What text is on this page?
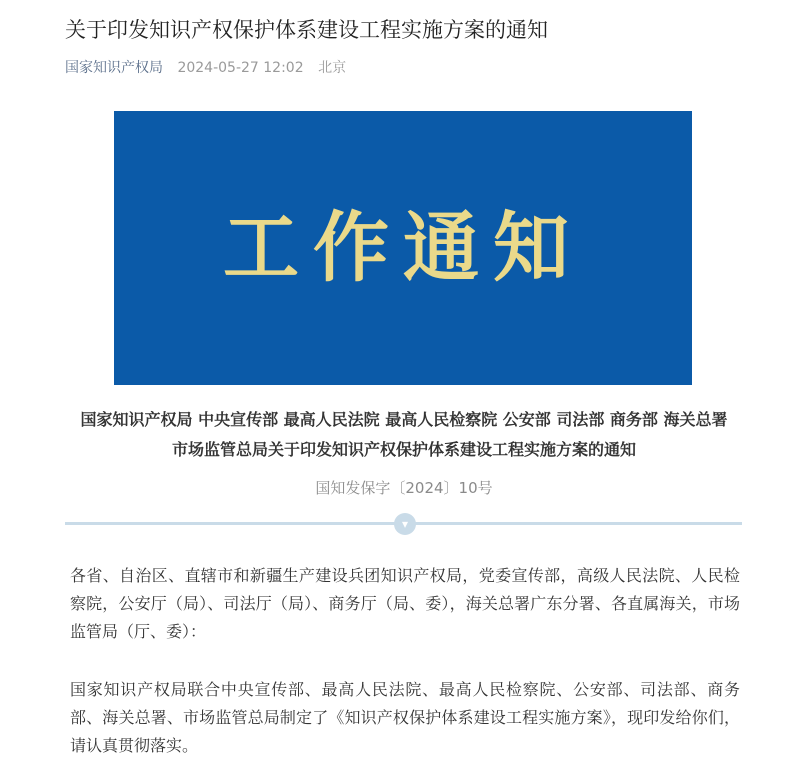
关于印发知识产权保护体系建设工程实施方案的通知
国家知识产权局 2024-05-27 12:02 北京
工作通知
国家知识产权局 中央宣传部 最高人民法院 最高人民检察院 公安部 司法部 商务部 海关总署 市场监管总局关于印发知识产权保护体系建设工程实施方案的通知
国知发保字〔2024〕10号
▾
各省、自治区、直辖市和新疆生产建设兵团知识产权局，党委宣传部，高级人民法院、人民检察院，公安厅（局）、司法厅（局）、商务厅（局、委），海关总署广东分署、各直属海关，市场监管局（厅、委）：
国家知识产权局联合中央宣传部、最高人民法院、最高人民检察院、公安部、司法部、商务部、海关总署、市场监管总局制定了《知识产权保护体系建设工程实施方案》，现印发给你们，请认真贯彻落实。
